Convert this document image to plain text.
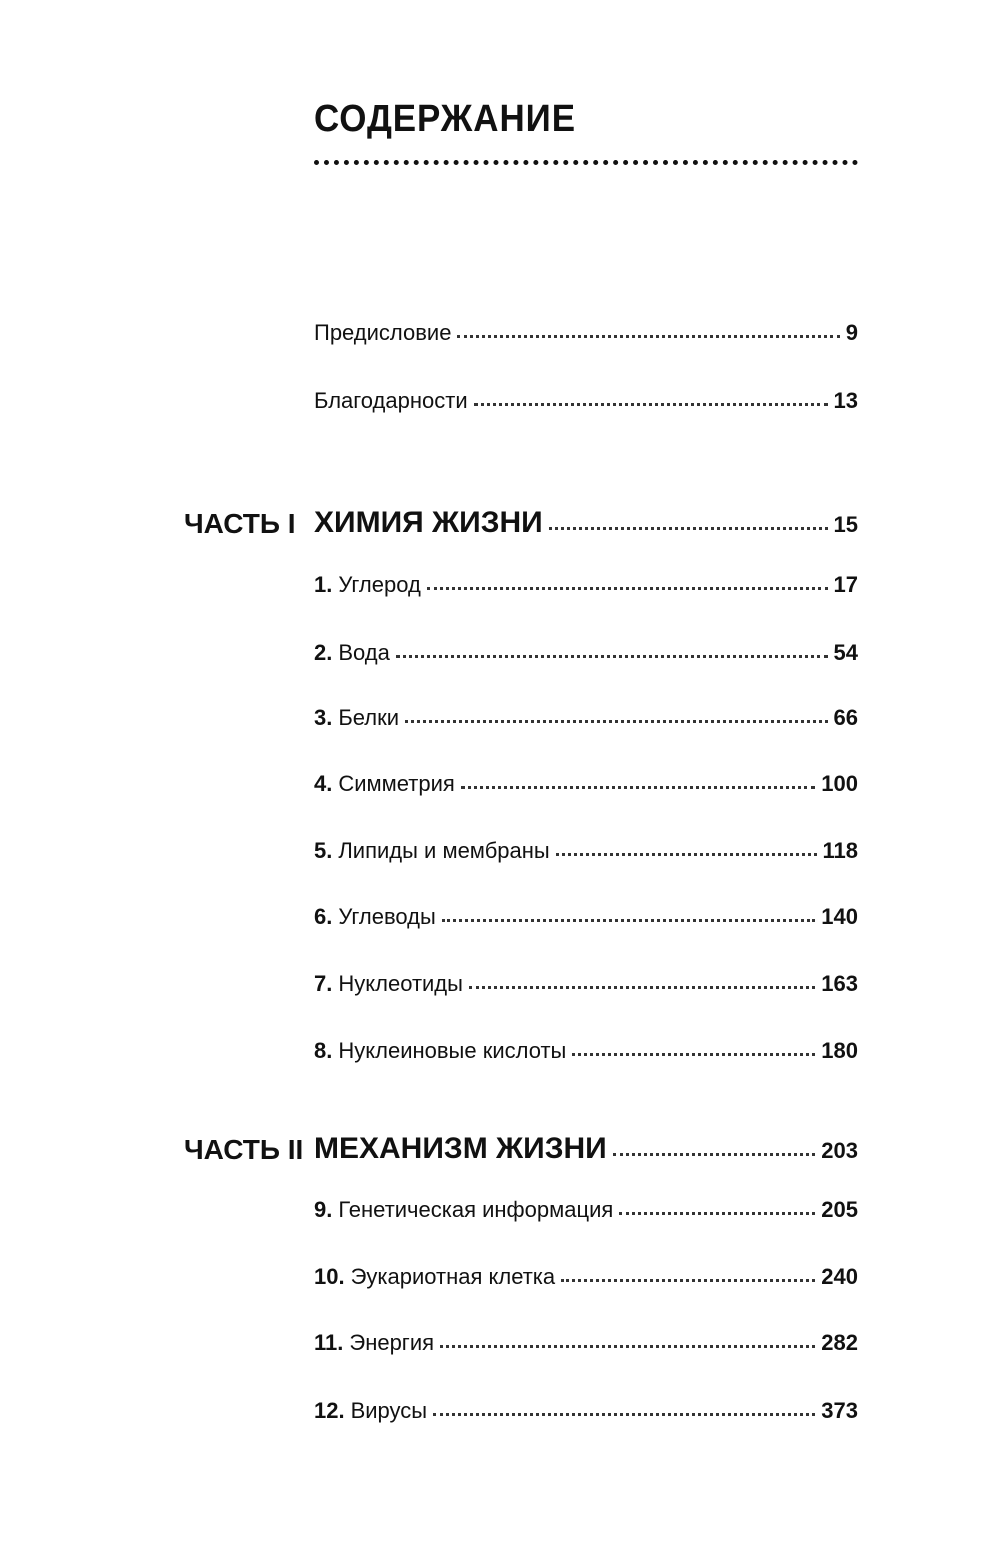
СОДЕРЖАНИЕ
Предисловие	9
Благодарности	13
ЧАСТЬ I ХИМИЯ ЖИЗНИ	15
1. Углерод	17
2. Вода	54
3. Белки	66
4. Симметрия	100
5. Липиды и мембраны	118
6. Углеводы	140
7. Нуклеотиды	163
8. Нуклеиновые кислоты	180
ЧАСТЬ II МЕХАНИЗМ ЖИЗНИ	203
9. Генетическая информация	205
10. Эукариотная клетка	240
11. Энергия	282
12. Вирусы	373
